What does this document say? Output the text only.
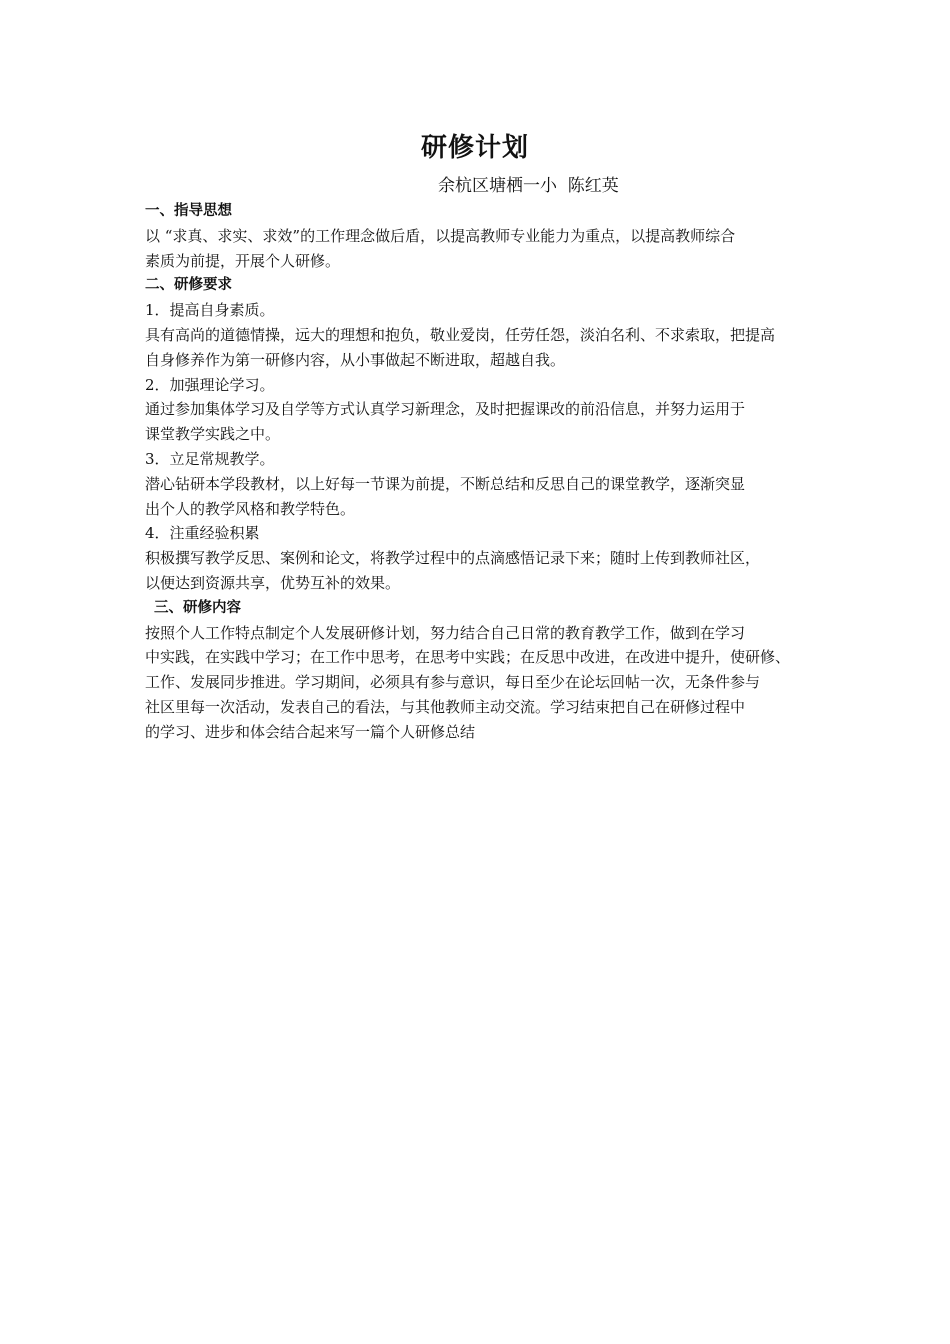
研修计划
余杭区塘栖一小  陈红英
一、指导思想
以 “求真、求实、求效”的工作理念做后盾，以提高教师专业能力为重点，以提高教师综合
素质为前提，开展个人研修。
二、研修要求
1．提高自身素质。
具有高尚的道德情操，远大的理想和抱负，敬业爱岗，任劳任怨，淡泊名利、不求索取，把提高
自身修养作为第一研修内容，从小事做起不断进取，超越自我。
2．加强理论学习。
通过参加集体学习及自学等方式认真学习新理念，及时把握课改的前沿信息，并努力运用于
课堂教学实践之中。
3．立足常规教学。
潜心钻研本学段教材，以上好每一节课为前提，不断总结和反思自己的课堂教学，逐渐突显
出个人的教学风格和教学特色。
4．注重经验积累
积极撰写教学反思、案例和论文，将教学过程中的点滴感悟记录下来；随时上传到教师社区，
以便达到资源共享，优势互补的效果。
三、研修内容
按照个人工作特点制定个人发展研修计划，努力结合自己日常的教育教学工作，做到在学习
中实践，在实践中学习；在工作中思考，在思考中实践；在反思中改进，在改进中提升，使研修、
工作、发展同步推进。学习期间，必须具有参与意识，每日至少在论坛回帖一次，无条件参与
社区里每一次活动，发表自己的看法，与其他教师主动交流。学习结束把自己在研修过程中
的学习、进步和体会结合起来写一篇个人研修总结
